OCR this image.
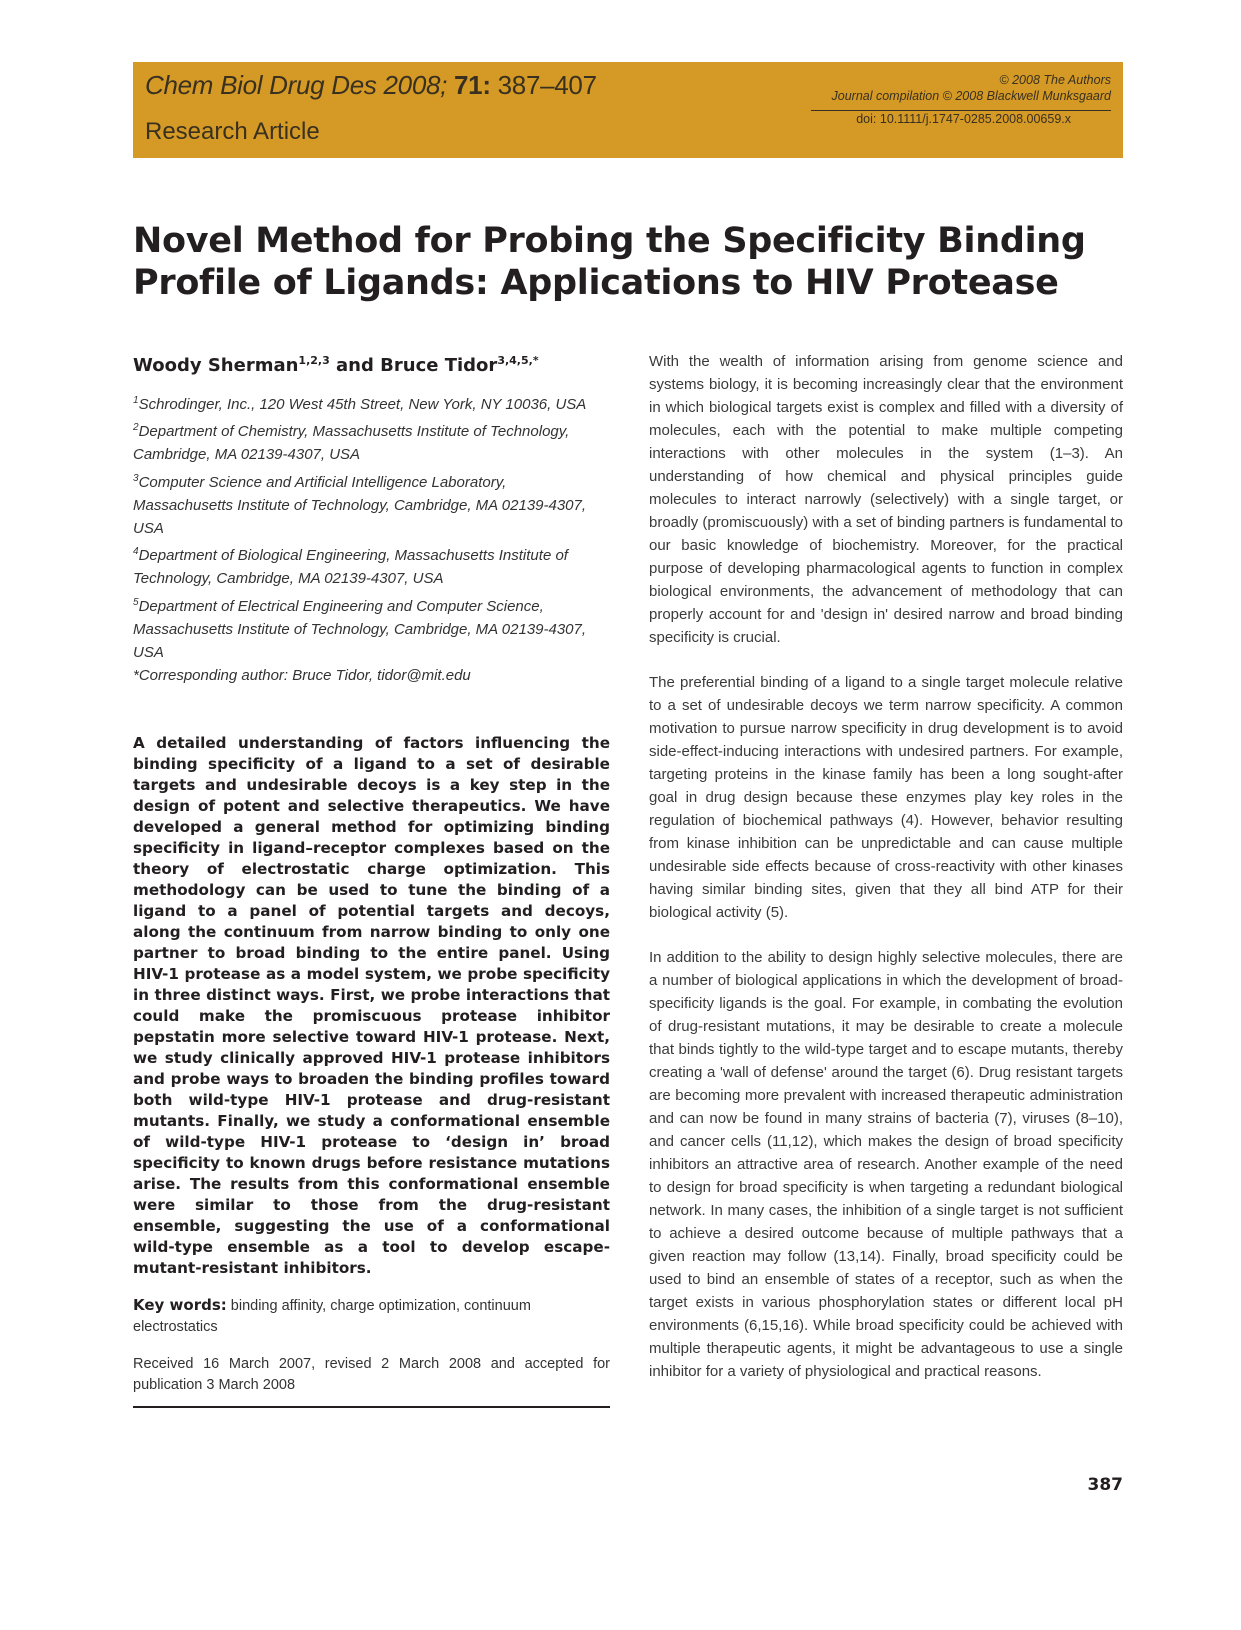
Chem Biol Drug Des 2008; 71: 387–407
Research Article
© 2008 The Authors
Journal compilation © 2008 Blackwell Munksgaard
doi: 10.1111/j.1747-0285.2008.00659.x
Novel Method for Probing the Specificity Binding Profile of Ligands: Applications to HIV Protease
Woody Sherman$^{1,2,3}$ and Bruce Tidor$^{3,4,5,*}$

$^1$Schrodinger, Inc., 120 West 45th Street, New York, NY 10036, USA

$^2$Department of Chemistry, Massachusetts Institute of Technology, Cambridge, MA 02139-4307, USA

$^3$Computer Science and Artificial Intelligence Laboratory, Massachusetts Institute of Technology, Cambridge, MA 02139-4307, USA

$^4$Department of Biological Engineering, Massachusetts Institute of Technology, Cambridge, MA 02139-4307, USA

$^5$Department of Electrical Engineering and Computer Science, Massachusetts Institute of Technology, Cambridge, MA 02139-4307, USA

*Corresponding author: Bruce Tidor, tidor@mit.edu

A detailed understanding of factors influencing the binding specificity of a ligand to a set of desirable targets and undesirable decoys is a key step in the design of potent and selective therapeutics. We have developed a general method for optimizing binding specificity in ligand–receptor complexes based on the theory of electrostatic charge optimization. This methodology can be used to tune the binding of a ligand to a panel of potential targets and decoys, along the continuum from narrow binding to only one partner to broad binding to the entire panel. Using HIV-1 protease as a model system, we probe specificity in three distinct ways. First, we probe interactions that could make the promiscuous protease inhibitor pepstatin more selective toward HIV-1 protease. Next, we study clinically approved HIV-1 protease inhibitors and probe ways to broaden the binding profiles toward both wild-type HIV-1 protease and drug-resistant mutants. Finally, we study a conformational ensemble of wild-type HIV-1 protease to ‘design in’ broad specificity to known drugs before resistance mutations arise. The results from this conformational ensemble were similar to those from the drug-resistant ensemble, suggesting the use of a conformational wild-type ensemble as a tool to develop escape-mutant-resistant inhibitors.
Key words: binding affinity, charge optimization, continuum electrostatics
Received 16 March 2007, revised 2 March 2008 and accepted for publication 3 March 2008

With the wealth of information arising from genome science and systems biology, it is becoming increasingly clear that the environment in which biological targets exist is complex and filled with a diversity of molecules, each with the potential to make multiple competing interactions with other molecules in the system (1–3). An understanding of how chemical and physical principles guide molecules to interact narrowly (selectively) with a single target, or broadly (promiscuously) with a set of binding partners is fundamental to our basic knowledge of biochemistry. Moreover, for the practical purpose of developing pharmacological agents to function in complex biological environments, the advancement of methodology that can properly account for and 'design in' desired narrow and broad binding specificity is crucial.

The preferential binding of a ligand to a single target molecule relative to a set of undesirable decoys we term narrow specificity. A common motivation to pursue narrow specificity in drug development is to avoid side-effect-inducing interactions with undesired partners. For example, targeting proteins in the kinase family has been a long sought-after goal in drug design because these enzymes play key roles in the regulation of biochemical pathways (4). However, behavior resulting from kinase inhibition can be unpredictable and can cause multiple undesirable side effects because of cross-reactivity with other kinases having similar binding sites, given that they all bind ATP for their biological activity (5).

In addition to the ability to design highly selective molecules, there are a number of biological applications in which the development of broad-specificity ligands is the goal. For example, in combating the evolution of drug-resistant mutations, it may be desirable to create a molecule that binds tightly to the wild-type target and to escape mutants, thereby creating a 'wall of defense' around the target (6). Drug resistant targets are becoming more prevalent with increased therapeutic administration and can now be found in many strains of bacteria (7), viruses (8–10), and cancer cells (11,12), which makes the design of broad specificity inhibitors an attractive area of research. Another example of the need to design for broad specificity is when targeting a redundant biological network. In many cases, the inhibition of a single target is not sufficient to achieve a desired outcome because of multiple pathways that a given reaction may follow (13,14). Finally, broad specificity could be used to bind an ensemble of states of a receptor, such as when the target exists in various phosphorylation states or different local pH environments (6,15,16). While broad specificity could be achieved with multiple therapeutic agents, it might be advantageous to use a single inhibitor for a variety of physiological and practical reasons.

387
